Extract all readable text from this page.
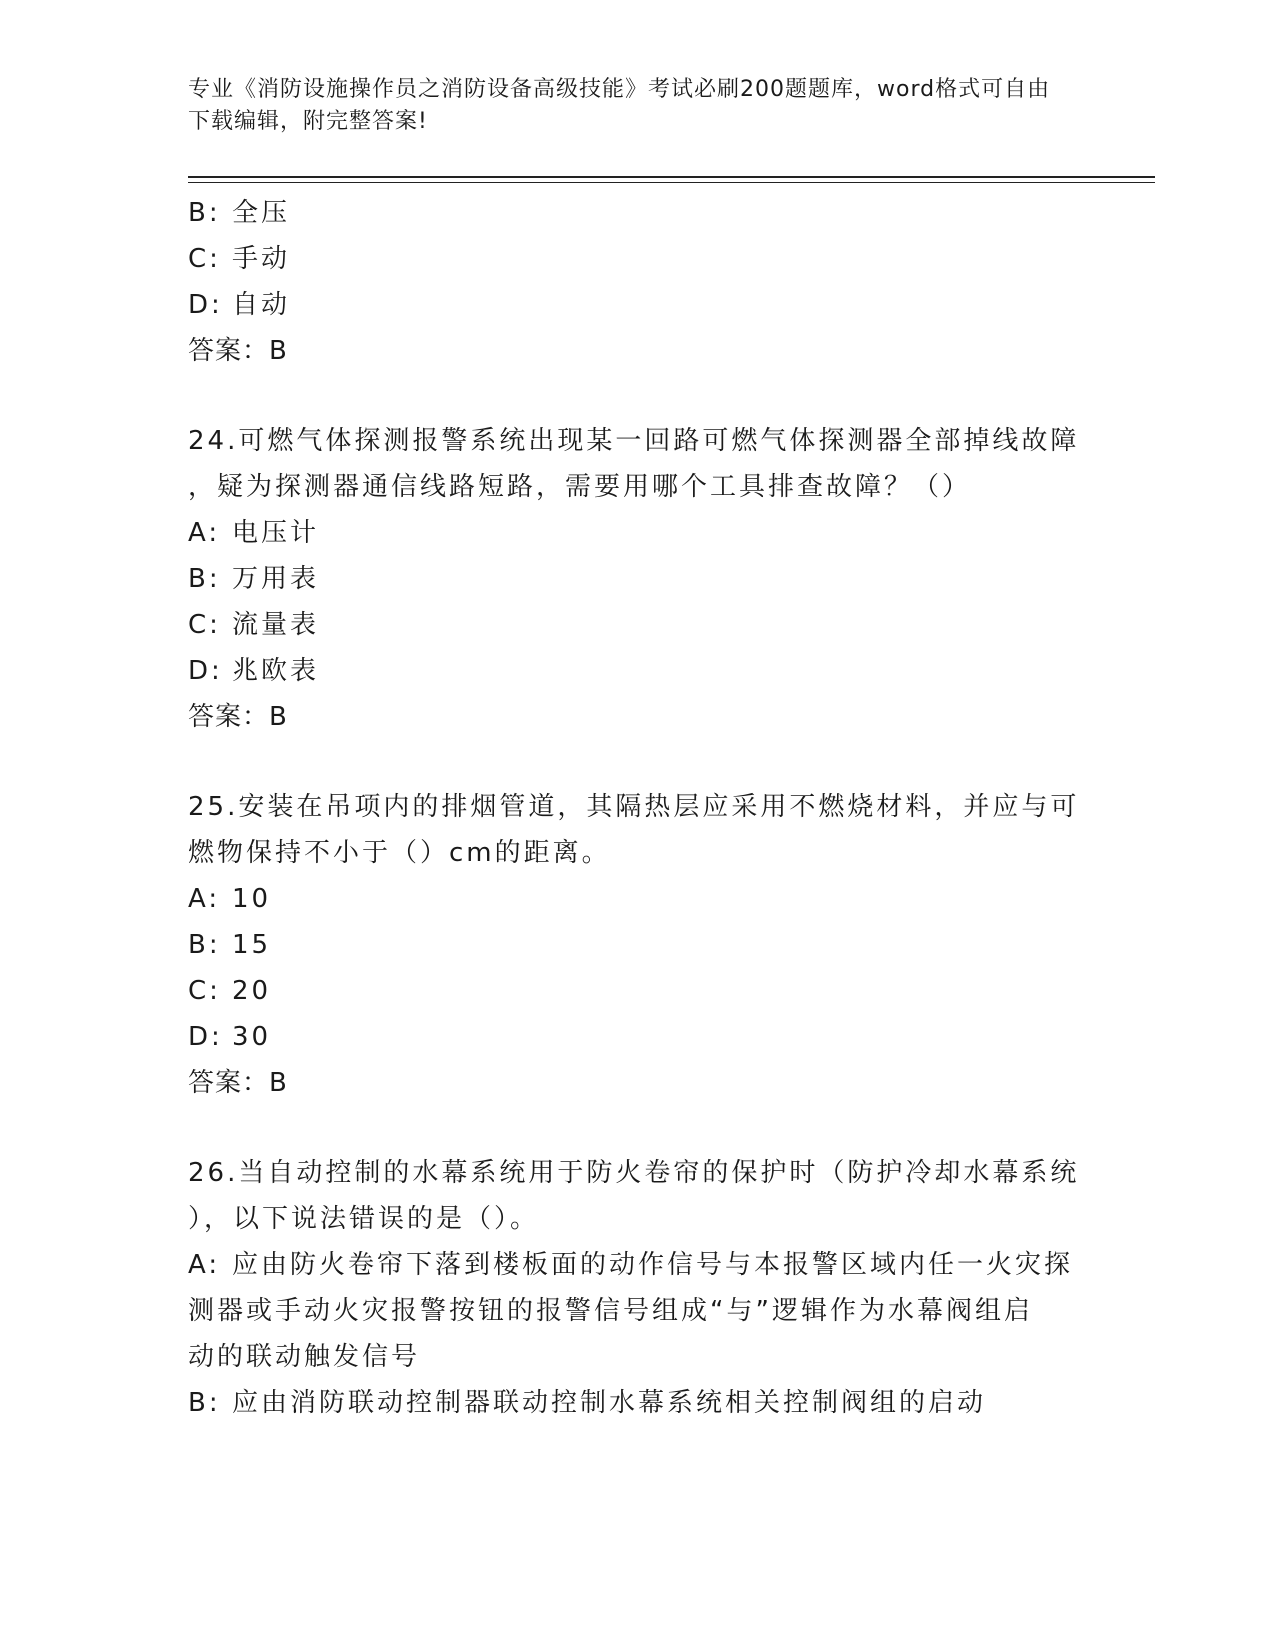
专业《消防设施操作员之消防设备高级技能》考试必刷200题题库，word格式可自由下载编辑，附完整答案!
B: 全压
C: 手动
D: 自动
答案：B
24.可燃气体探测报警系统出现某一回路可燃气体探测器全部掉线故障
，疑为探测器通信线路短路，需要用哪个工具排查故障？（）
A: 电压计
B: 万用表
C: 流量表
D: 兆欧表
答案：B
25.安装在吊项内的排烟管道，其隔热层应采用不燃烧材料，并应与可
燃物保持不小于（）cm的距离。
A: 10
B: 15
C: 20
D: 30
答案：B
26.当自动控制的水幕系统用于防火卷帘的保护时（防护冷却水幕系统
），以下说法错误的是（）。
A: 应由防火卷帘下落到楼板面的动作信号与本报警区域内任一火灾探
测器或手动火灾报警按钮的报警信号组成“与”逻辑作为水幕阀组启
动的联动触发信号
B: 应由消防联动控制器联动控制水幕系统相关控制阀组的启动
